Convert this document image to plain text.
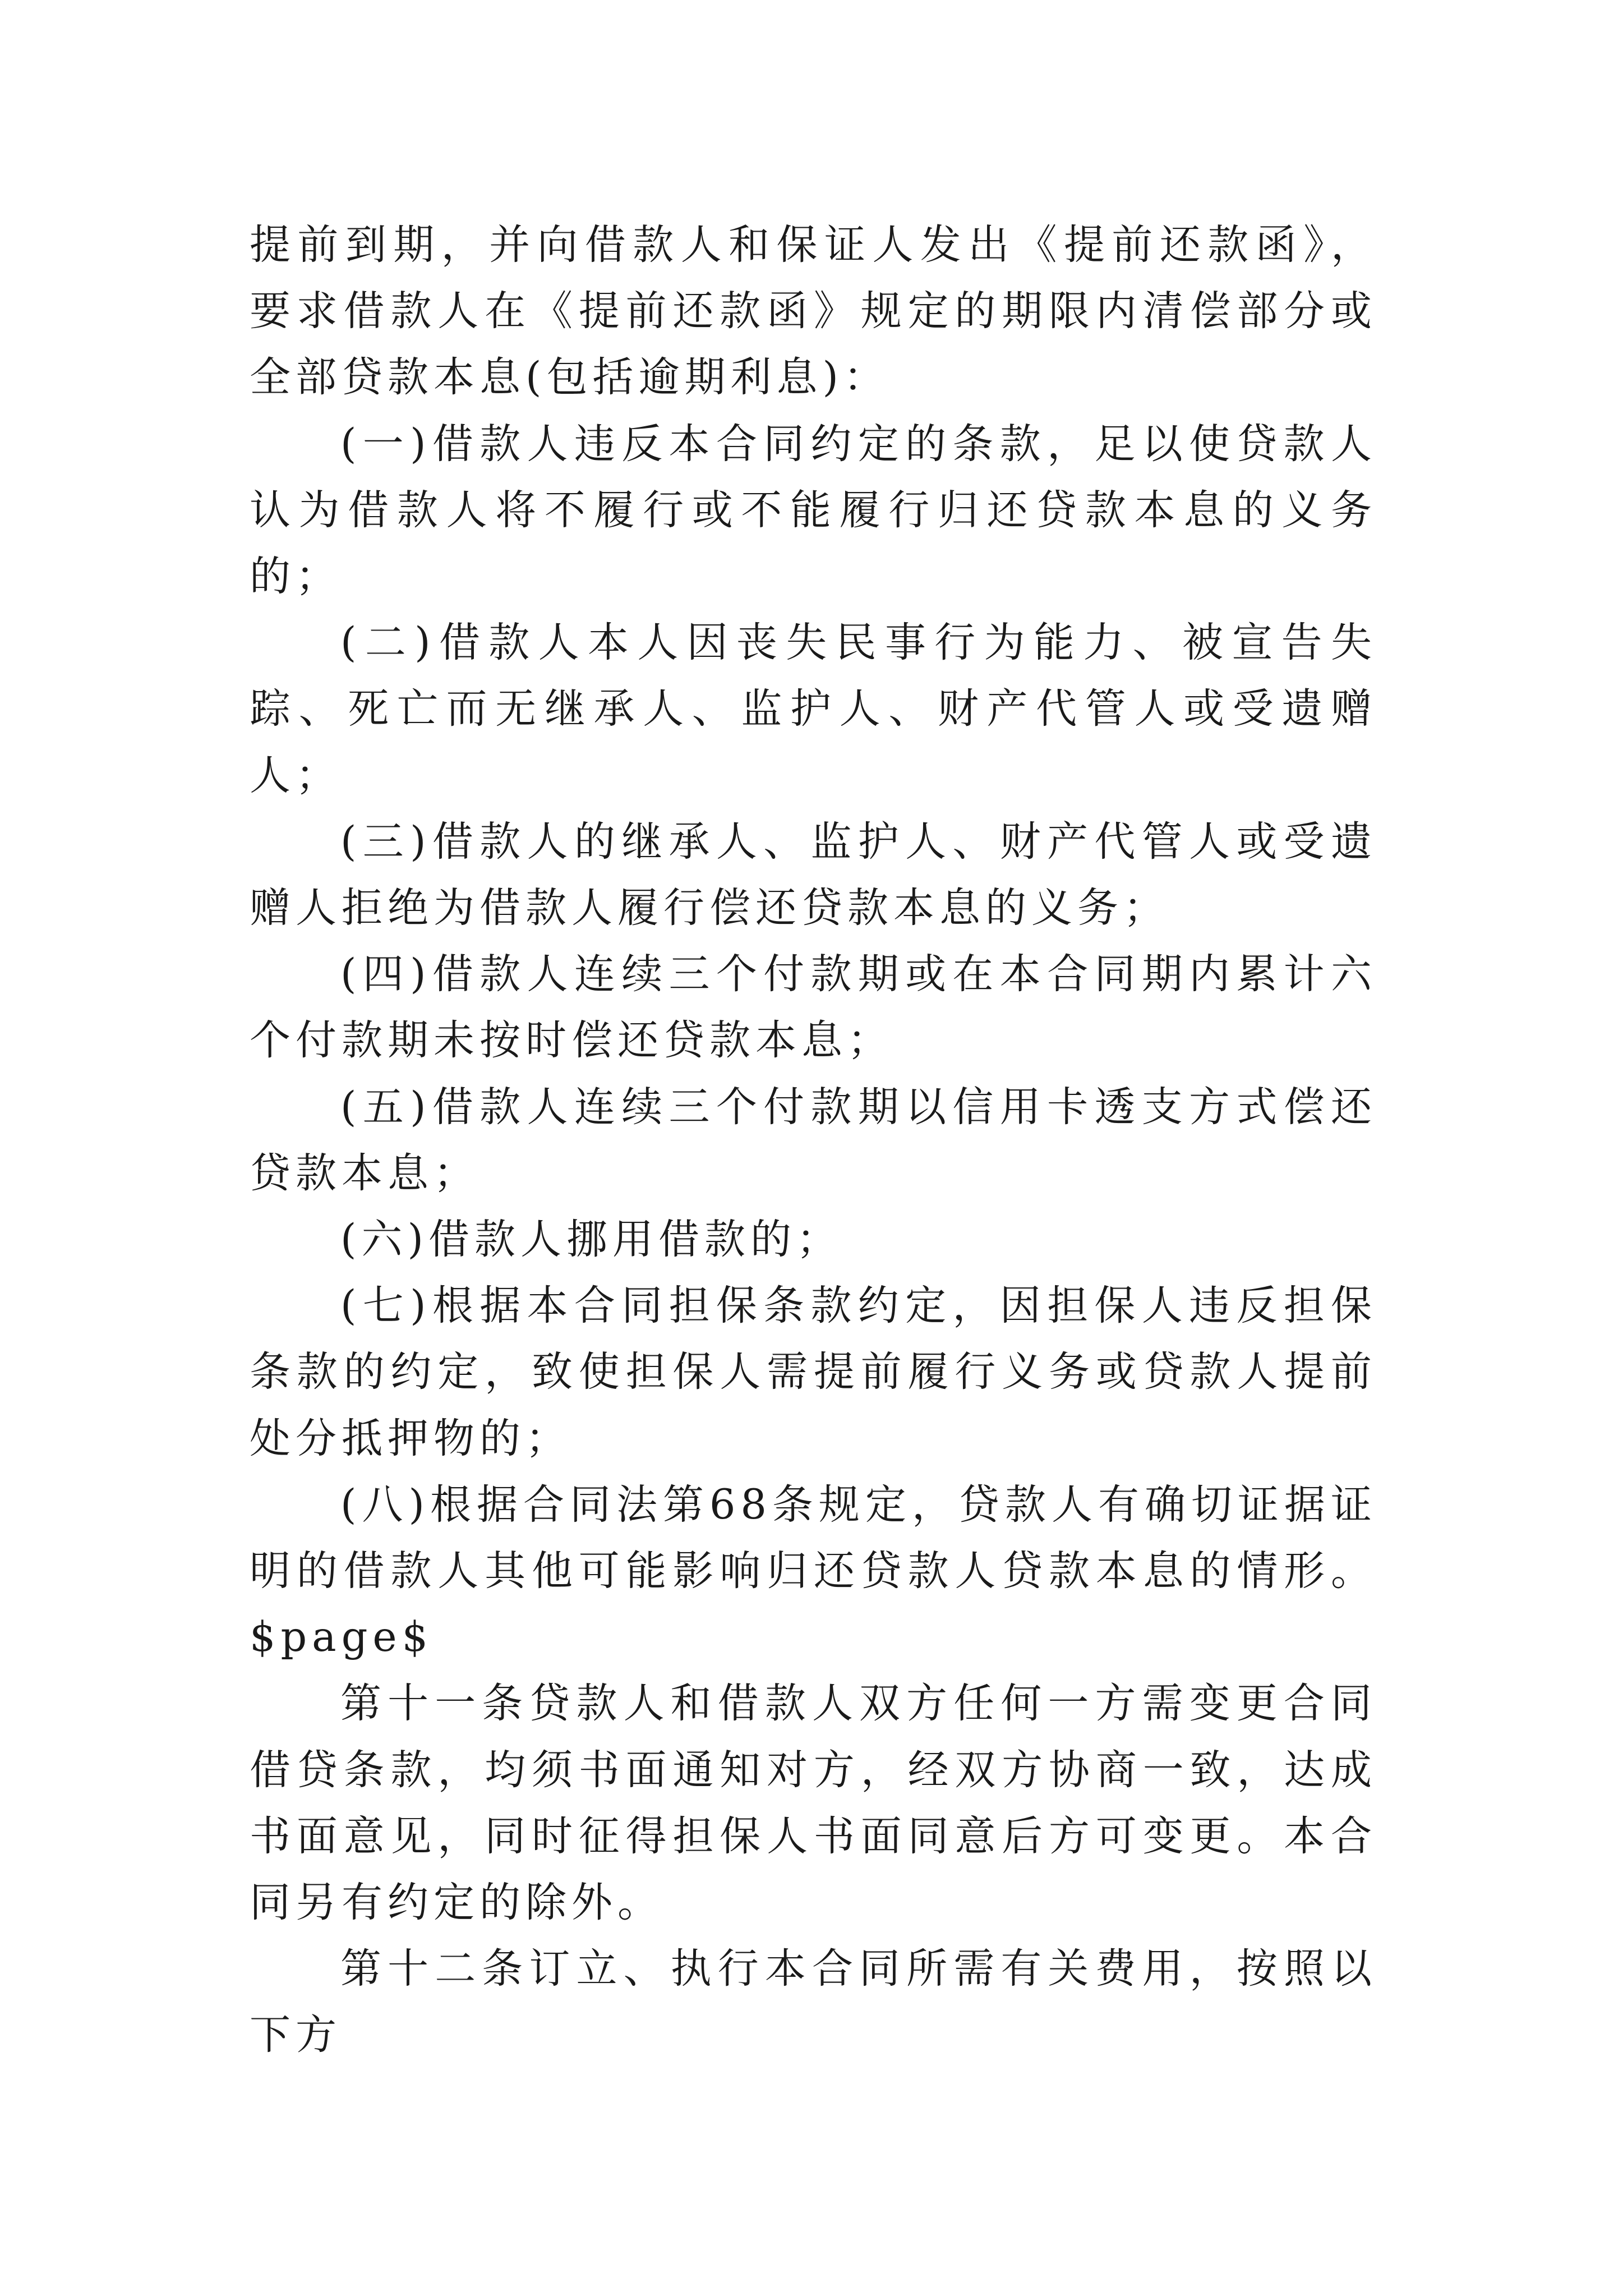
提前到期，并向借款人和保证人发出《提前还款函》，要求借款人在《提前还款函》规定的期限内清偿部分或全部贷款本息(包括逾期利息)：

(一)借款人违反本合同约定的条款，足以使贷款人认为借款人将不履行或不能履行归还贷款本息的义务的；

(二)借款人本人因丧失民事行为能力、被宣告失踪、死亡而无继承人、监护人、财产代管人或受遗赠人；

(三)借款人的继承人、监护人、财产代管人或受遗赠人拒绝为借款人履行偿还贷款本息的义务；

(四)借款人连续三个付款期或在本合同期内累计六个付款期未按时偿还贷款本息；

(五)借款人连续三个付款期以信用卡透支方式偿还贷款本息；

(六)借款人挪用借款的；

(七)根据本合同担保条款约定，因担保人违反担保条款的约定，致使担保人需提前履行义务或贷款人提前处分抵押物的；

(八)根据合同法第68条规定，贷款人有确切证据证明的借款人其他可能影响归还贷款人贷款本息的情形。$page$

第十一条贷款人和借款人双方任何一方需变更合同借贷条款，均须书面通知对方，经双方协商一致，达成书面意见，同时征得担保人书面同意后方可变更。本合同另有约定的除外。

第十二条订立、执行本合同所需有关费用，按照以下方
